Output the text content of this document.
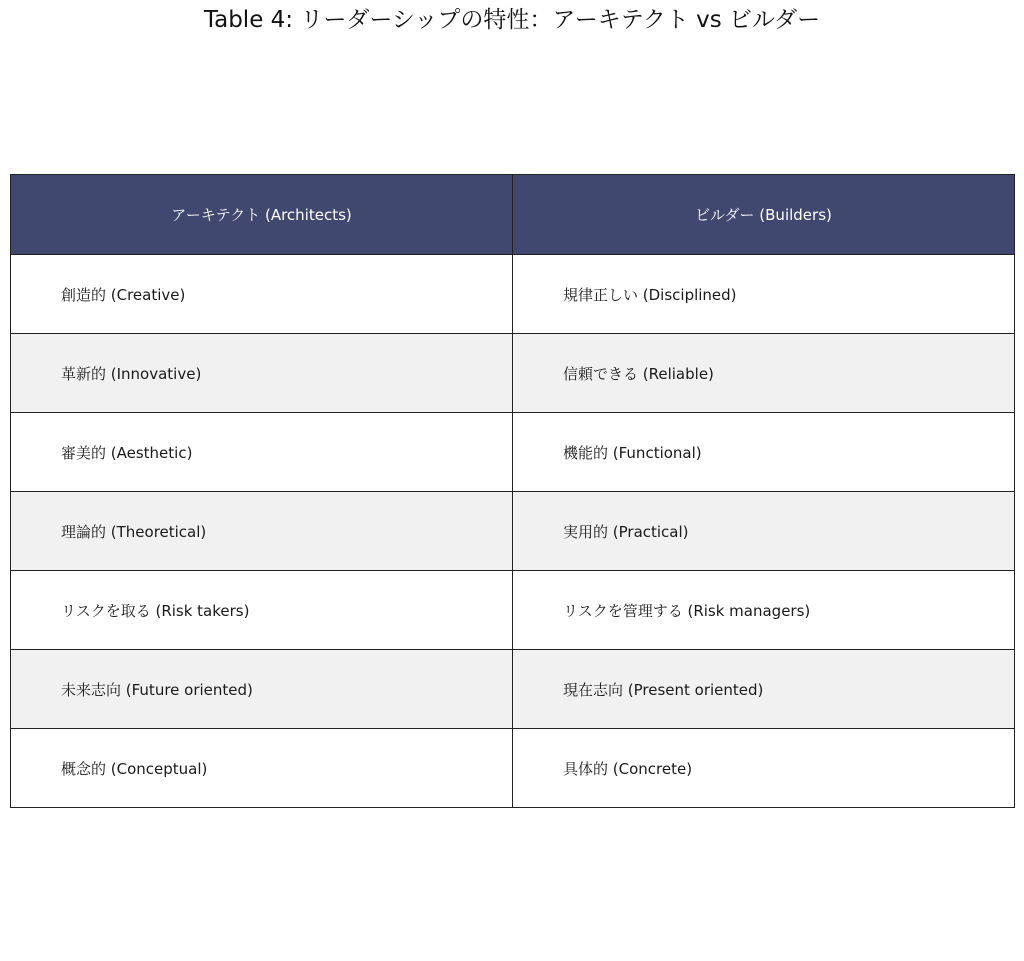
Table 4: リーダーシップの特性：アーキテクト vs ビルダー
アーキテクト (Architects)	ビルダー (Builders)
創造的 (Creative)	規律正しい (Disciplined)
革新的 (Innovative)	信頼できる (Reliable)
審美的 (Aesthetic)	機能的 (Functional)
理論的 (Theoretical)	実用的 (Practical)
リスクを取る (Risk takers)	リスクを管理する (Risk managers)
未来志向 (Future oriented)	現在志向 (Present oriented)
概念的 (Conceptual)	具体的 (Concrete)
